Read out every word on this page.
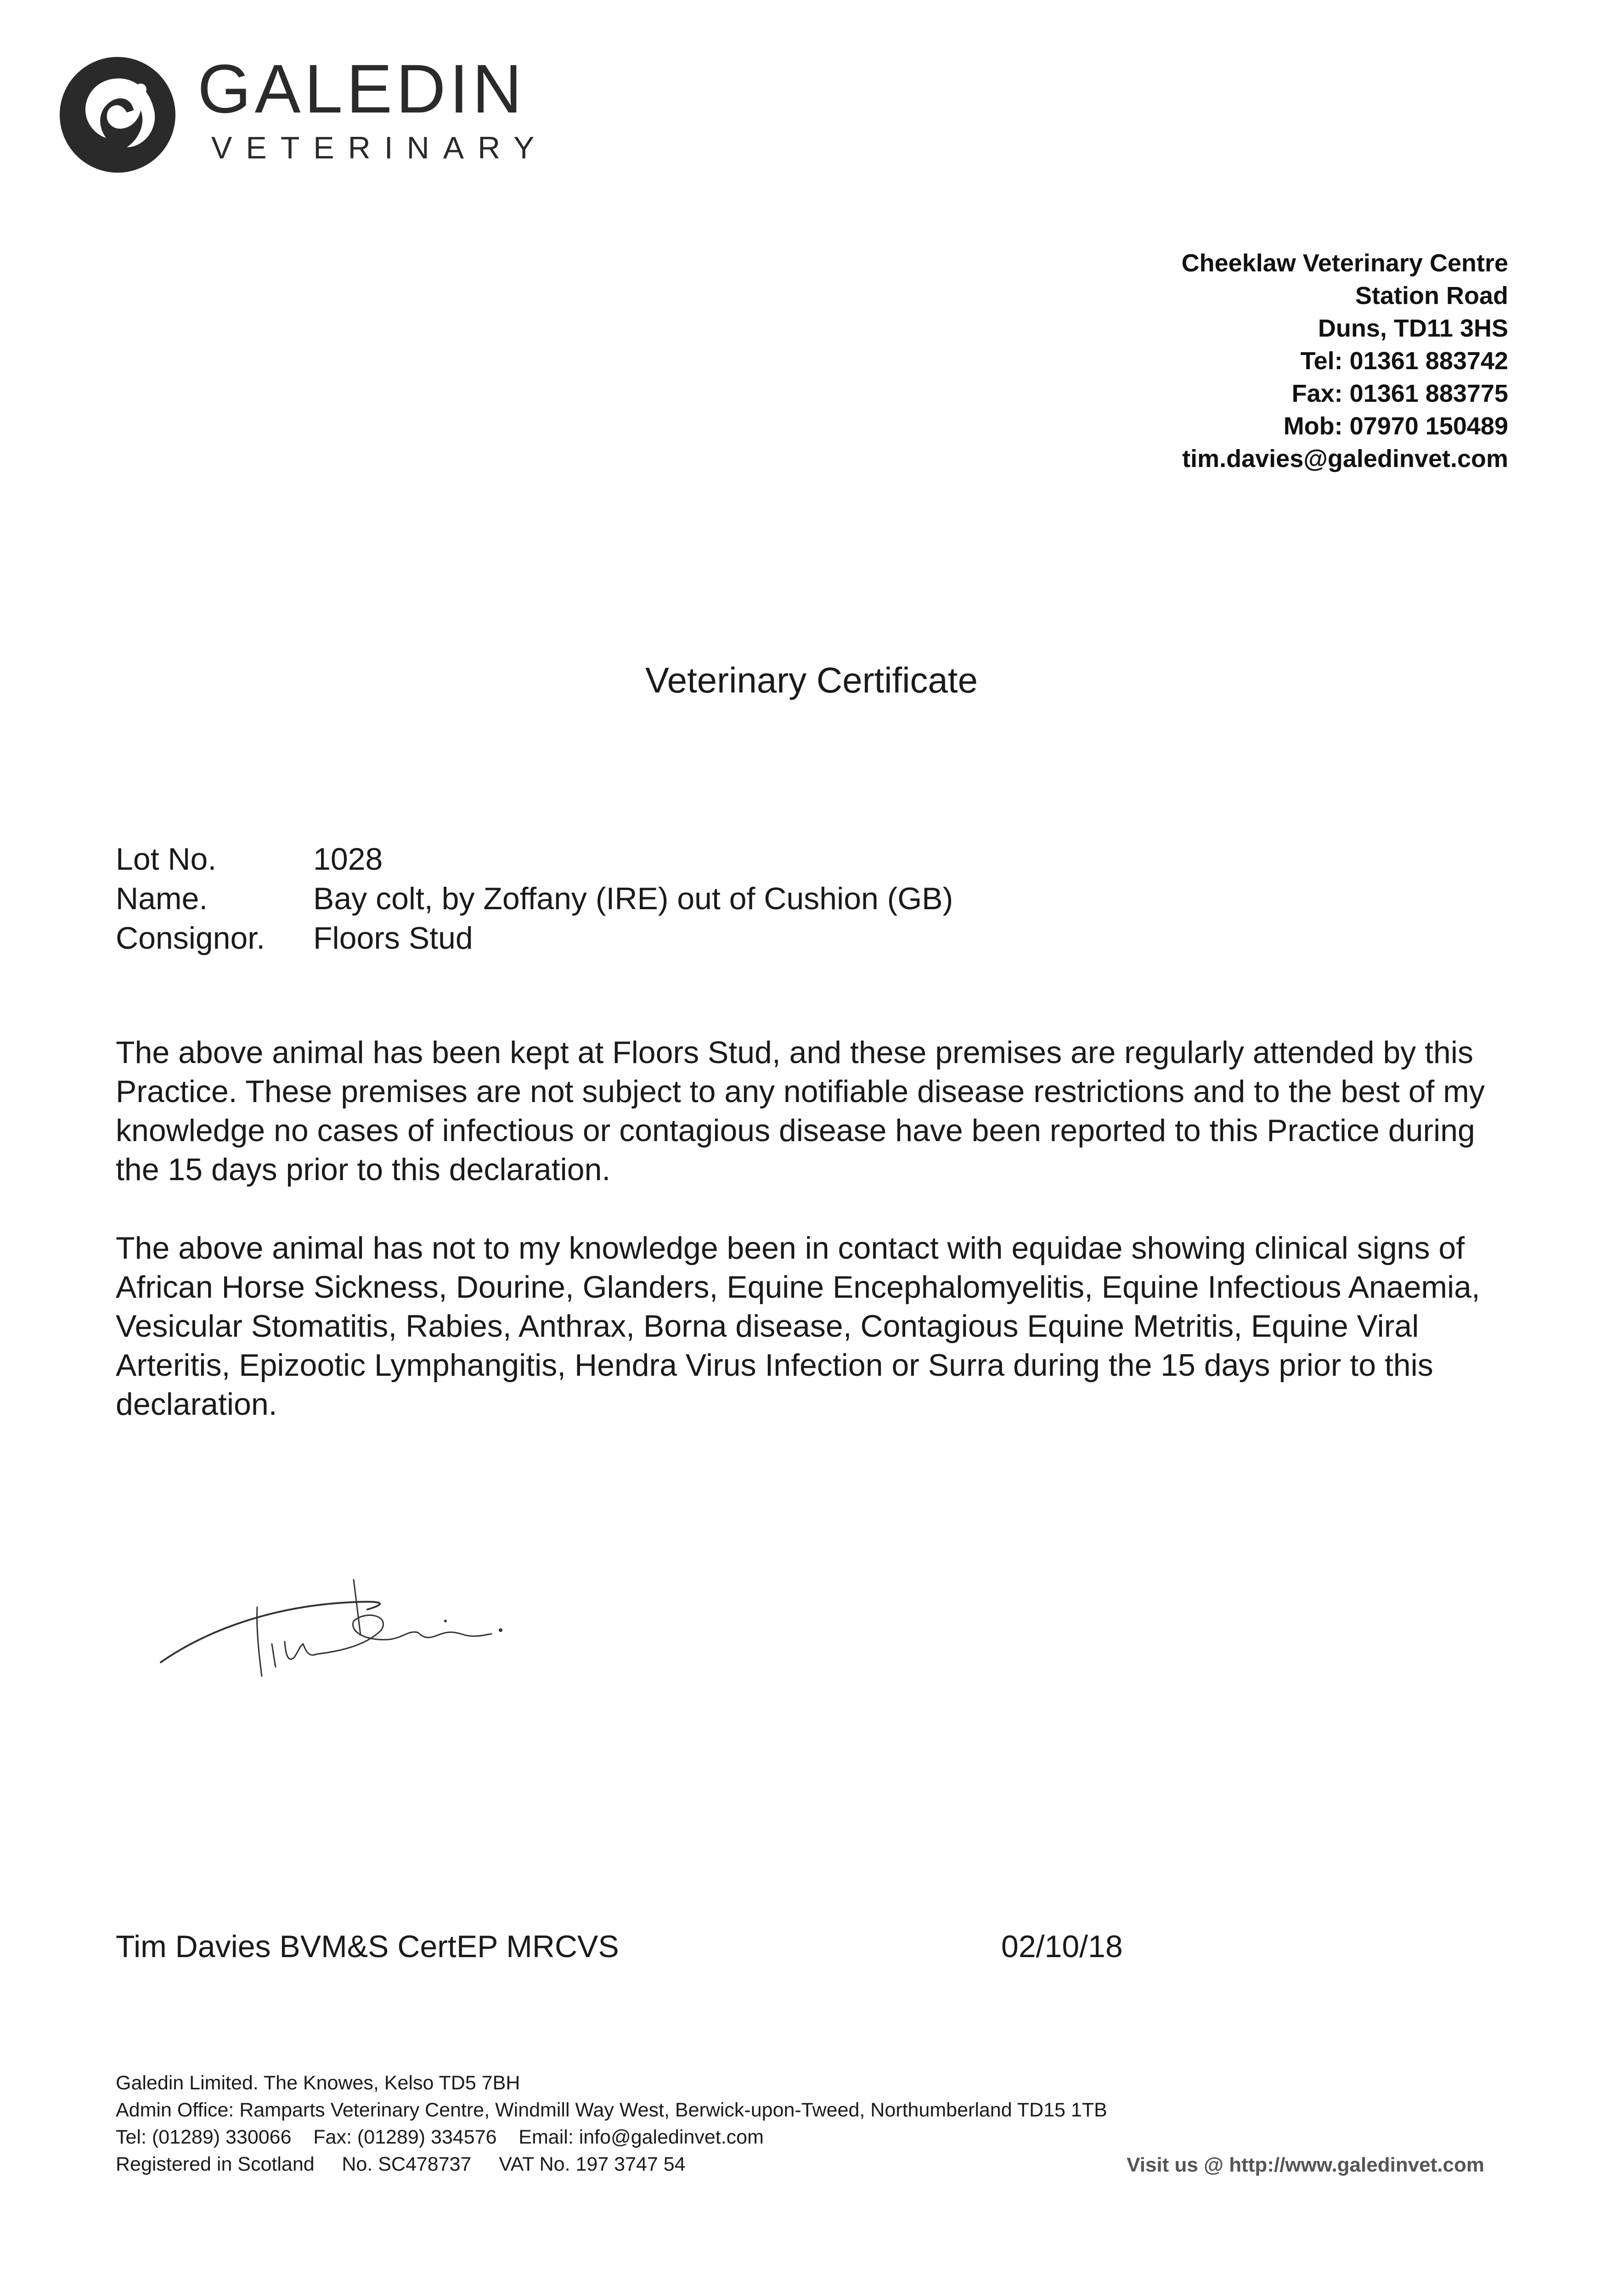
GALEDIN
VETERINARY
Cheeklaw Veterinary Centre
Station Road
Duns, TD11 3HS
Tel: 01361 883742
Fax: 01361 883775
Mob: 07970 150489
tim.davies@galedinvet.com
Veterinary Certificate
Lot No.	1028
Name.	Bay colt, by Zoffany (IRE) out of Cushion (GB)
Consignor.	Floors Stud
The above animal has been kept at Floors Stud, and these premises are regularly attended by this Practice. These premises are not subject to any notifiable disease restrictions and to the best of my knowledge no cases of infectious or contagious disease have been reported to this Practice during the 15 days prior to this declaration.
The above animal has not to my knowledge been in contact with equidae showing clinical signs of African Horse Sickness, Dourine, Glanders, Equine Encephalomyelitis, Equine Infectious Anaemia, Vesicular Stomatitis, Rabies, Anthrax, Borna disease, Contagious Equine Metritis, Equine Viral Arteritis, Epizootic Lymphangitis, Hendra Virus Infection or Surra during the 15 days prior to this declaration.
Tim Davies BVM&S CertEP MRCVS	02/10/18
Galedin Limited. The Knowes, Kelso TD5 7BH
Admin Office: Ramparts Veterinary Centre, Windmill Way West, Berwick-upon-Tweed, Northumberland TD15 1TB
Tel: (01289) 330066    Fax: (01289) 334576    Email: info@galedinvet.com
Registered in Scotland     No. SC478737     VAT No. 197 3747 54	Visit us @ http://www.galedinvet.com
